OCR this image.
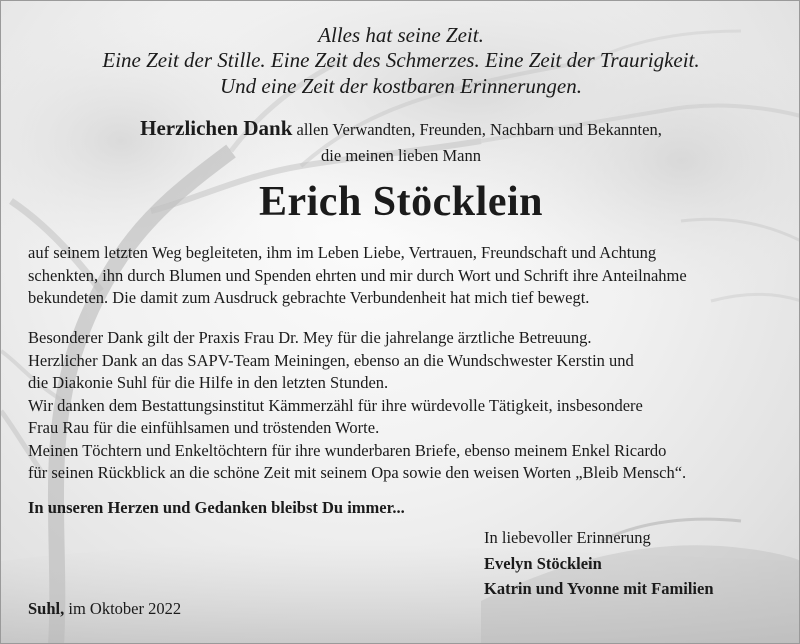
Alles hat seine Zeit.
Eine Zeit der Stille. Eine Zeit des Schmerzes. Eine Zeit der Traurigkeit.
Und eine Zeit der kostbaren Erinnerungen.
Herzlichen Dank allen Verwandten, Freunden, Nachbarn und Bekannten,
die meinen lieben Mann
Erich Stöcklein
auf seinem letzten Weg begleiteten, ihm im Leben Liebe, Vertrauen, Freundschaft und Achtung
schenkten, ihn durch Blumen und Spenden ehrten und mir durch Wort und Schrift ihre Anteilnahme
bekundeten. Die damit zum Ausdruck gebrachte Verbundenheit hat mich tief bewegt.
Besonderer Dank gilt der Praxis Frau Dr. Mey für die jahrelange ärztliche Betreuung.
Herzlicher Dank an das SAPV-Team Meiningen, ebenso an die Wundschwester Kerstin und
die Diakonie Suhl für die Hilfe in den letzten Stunden.
Wir danken dem Bestattungsinstitut Kämmerzähl für ihre würdevolle Tätigkeit, insbesondere
Frau Rau für die einfühlsamen und tröstenden Worte.
Meinen Töchtern und Enkeltöchtern für ihre wunderbaren Briefe, ebenso meinem Enkel Ricardo
für seinen Rückblick an die schöne Zeit mit seinem Opa sowie den weisen Worten „Bleib Mensch“.
In unseren Herzen und Gedanken bleibst Du immer...
In liebevoller Erinnerung
Evelyn Stöcklein
Katrin und Yvonne mit Familien
Suhl, im Oktober 2022
